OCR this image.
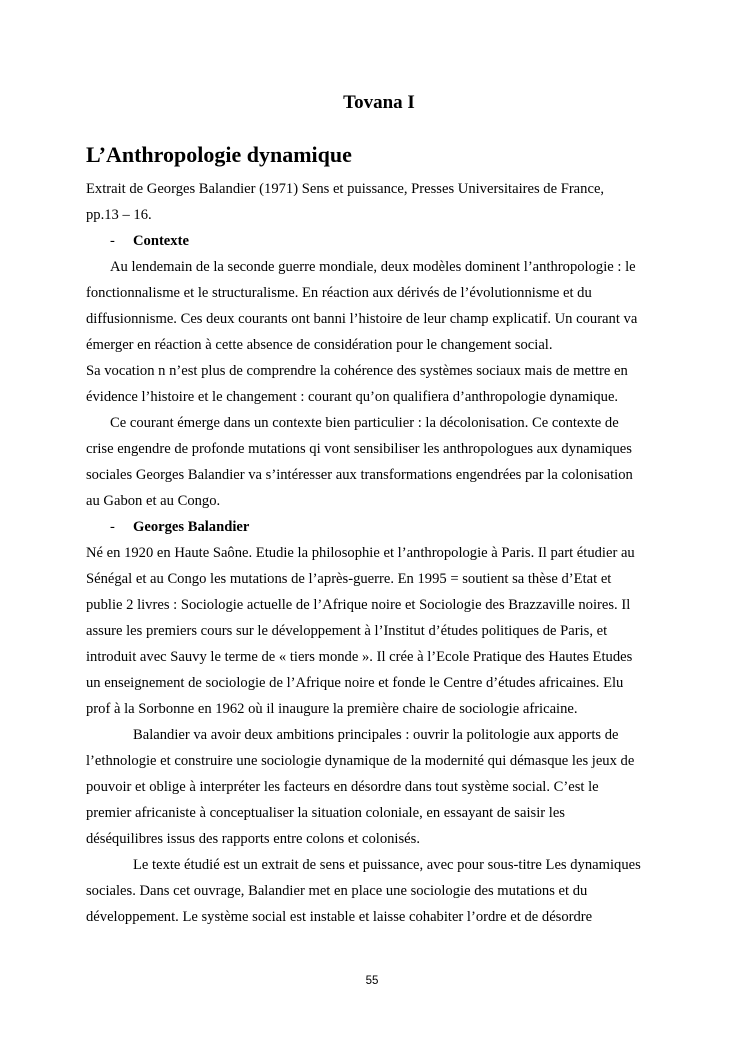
Tovana I
L’Anthropologie dynamique
Extrait de Georges Balandier (1971) Sens et puissance, Presses Universitaires de France,
pp.13 – 16.
- Contexte
Au lendemain de la seconde guerre mondiale, deux modèles dominent l’anthropologie : le
fonctionnalisme et le structuralisme. En réaction aux dérivés de l’évolutionnisme et du
diffusionnisme. Ces deux courants ont banni l’histoire de leur champ explicatif. Un courant va
émerger en réaction à cette absence de considération pour le changement social.
Sa vocation n n’est plus de comprendre la cohérence des systèmes sociaux mais de mettre en
évidence l’histoire et le changement : courant qu’on qualifiera d’anthropologie dynamique.
Ce courant émerge dans un contexte bien particulier : la décolonisation. Ce contexte de
crise engendre de profonde mutations qi vont sensibiliser les anthropologues aux dynamiques
sociales Georges Balandier va s’intéresser aux transformations engendrées par la colonisation
au Gabon et au Congo.
- Georges Balandier
Né en 1920 en Haute Saône. Etudie la philosophie et l’anthropologie à Paris. Il part étudier au
Sénégal et au Congo les mutations de l’après-guerre. En 1995 = soutient sa thèse d’Etat et
publie 2 livres : Sociologie actuelle de l’Afrique noire et Sociologie des Brazzaville noires. Il
assure les premiers cours sur le développement à l’Institut d’études politiques de Paris, et
introduit avec Sauvy le terme de « tiers monde ». Il crée à l’Ecole Pratique des Hautes Etudes
un enseignement de sociologie de l’Afrique noire et fonde le Centre d’études africaines. Elu
prof à la Sorbonne en 1962 où il inaugure la première chaire de sociologie africaine.
Balandier va avoir deux ambitions principales : ouvrir la politologie aux apports de
l’ethnologie et construire une sociologie dynamique de la modernité qui démasque les jeux de
pouvoir et oblige à interpréter les facteurs en désordre dans tout système social. C’est le
premier africaniste à conceptualiser la situation coloniale, en essayant de saisir les
déséquilibres issus des rapports entre colons et colonisés.
Le texte étudié est un extrait de sens et puissance, avec pour sous-titre Les dynamiques
sociales. Dans cet ouvrage, Balandier met en place une sociologie des mutations et du
développement. Le système social est instable et laisse cohabiter l’ordre et de désordre
55
